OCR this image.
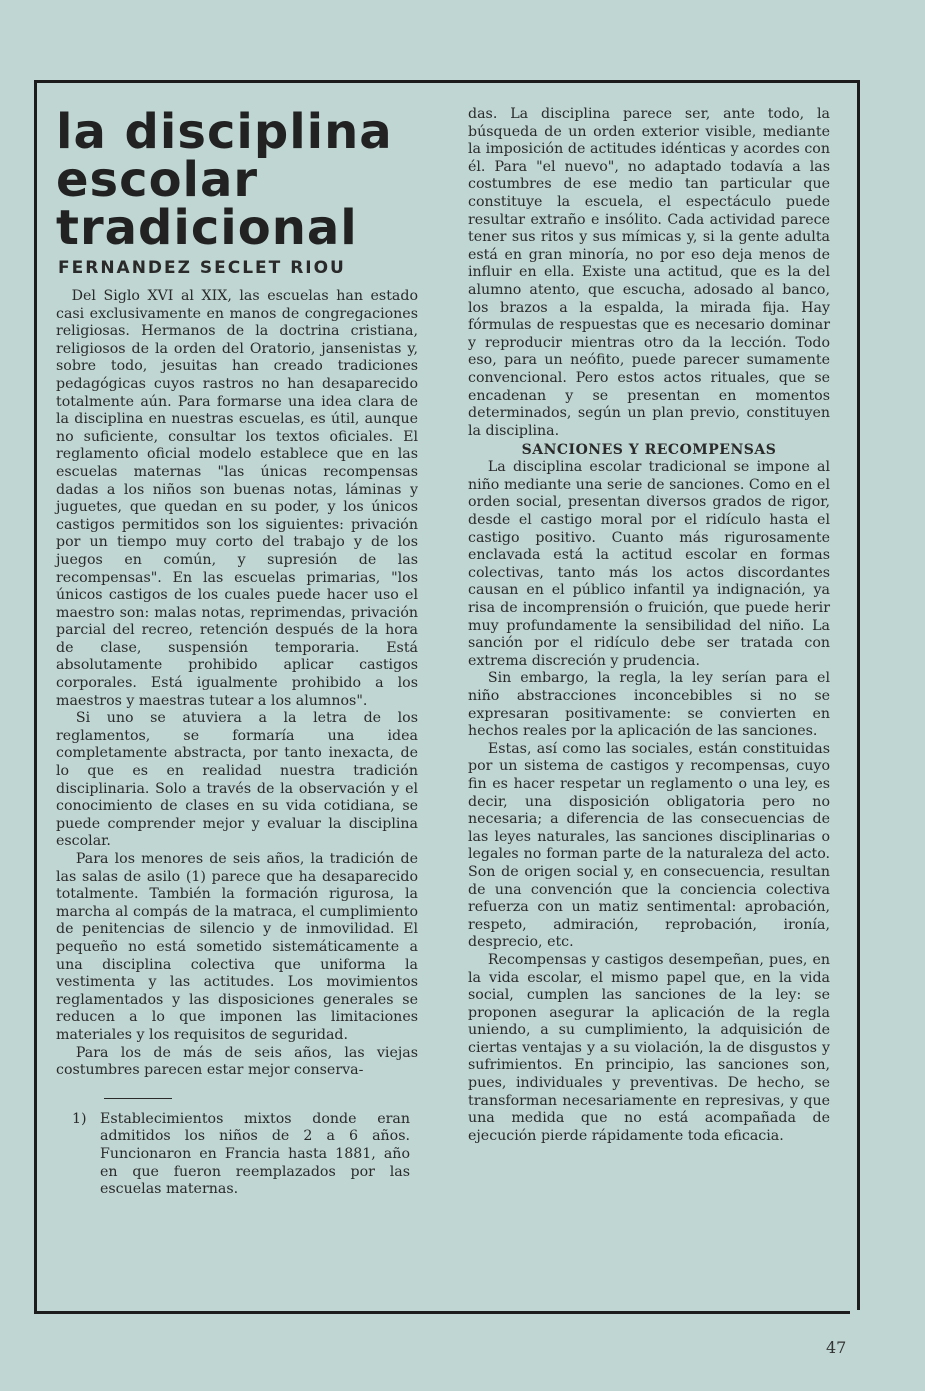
la disciplina
escolar
tradicional
FERNANDEZ SECLET RIOU

Del Siglo XVI al XIX, las escuelas han estado casi exclusivamente en manos de congregaciones religiosas. Hermanos de la doctrina cristiana, religiosos de la orden del Oratorio, jansenistas y, sobre todo, jesuitas han creado tradiciones pedagógicas cuyos rastros no han desaparecido totalmente aún. Para formarse una idea clara de la disciplina en nuestras escuelas, es útil, aunque no suficiente, consultar los textos oficiales. El reglamento oficial modelo establece que en las escuelas maternas "las únicas recompensas dadas a los niños son buenas notas, láminas y juguetes, que quedan en su poder, y los únicos castigos permitidos son los siguientes: privación por un tiempo muy corto del trabajo y de los juegos en común, y supresión de las recompensas". En las escuelas primarias, "los únicos castigos de los cuales puede hacer uso el maestro son: malas notas, reprimendas, privación parcial del recreo, retención después de la hora de clase, suspensión temporaria. Está absolutamente prohibido aplicar castigos corporales. Está igualmente prohibido a los maestros y maestras tutear a los alumnos".

Si uno se atuviera a la letra de los reglamentos, se formaría una idea completamente abstracta, por tanto inexacta, de lo que es en realidad nuestra tradición disciplinaria. Solo a través de la observación y el conocimiento de clases en su vida cotidiana, se puede comprender mejor y evaluar la disciplina escolar.

Para los menores de seis años, la tradición de las salas de asilo (1) parece que ha desaparecido totalmente. También la formación rigurosa, la marcha al compás de la matraca, el cumplimiento de penitencias de silencio y de inmovilidad. El pequeño no está sometido sistemáticamente a una disciplina colectiva que uniforma la vestimenta y las actitudes. Los movimientos reglamentados y las disposiciones generales se reducen a lo que imponen las limitaciones materiales y los requisitos de seguridad.

Para los de más de seis años, las viejas costumbres parecen estar mejor conserva-

1) Establecimientos mixtos donde eran admitidos los niños de 2 a 6 años. Funcionaron en Francia hasta 1881, año en que fueron reemplazados por las escuelas maternas.

das. La disciplina parece ser, ante todo, la búsqueda de un orden exterior visible, mediante la imposición de actitudes idénticas y acordes con él. Para "el nuevo", no adaptado todavía a las costumbres de ese medio tan particular que constituye la escuela, el espectáculo puede resultar extraño e insólito. Cada actividad parece tener sus ritos y sus mímicas y, si la gente adulta está en gran minoría, no por eso deja menos de influir en ella. Existe una actitud, que es la del alumno atento, que escucha, adosado al banco, los brazos a la espalda, la mirada fija. Hay fórmulas de respuestas que es necesario dominar y reproducir mientras otro da la lección. Todo eso, para un neófito, puede parecer sumamente convencional. Pero estos actos rituales, que se encadenan y se presentan en momentos determinados, según un plan previo, constituyen la disciplina.

SANCIONES Y RECOMPENSAS

La disciplina escolar tradicional se impone al niño mediante una serie de sanciones. Como en el orden social, presentan diversos grados de rigor, desde el castigo moral por el ridículo hasta el castigo positivo. Cuanto más rigurosamente enclavada está la actitud escolar en formas colectivas, tanto más los actos discordantes causan en el público infantil ya indignación, ya risa de incomprensión o fruición, que puede herir muy profundamente la sensibilidad del niño. La sanción por el ridículo debe ser tratada con extrema discreción y prudencia.

Sin embargo, la regla, la ley serían para el niño abstracciones inconcebibles si no se expresaran positivamente: se convierten en hechos reales por la aplicación de las sanciones.

Estas, así como las sociales, están constituidas por un sistema de castigos y recompensas, cuyo fin es hacer respetar un reglamento o una ley, es decir, una disposición obligatoria pero no necesaria; a diferencia de las consecuencias de las leyes naturales, las sanciones disciplinarias o legales no forman parte de la naturaleza del acto. Son de origen social y, en consecuencia, resultan de una convención que la conciencia colectiva refuerza con un matiz sentimental: aprobación, respeto, admiración, reprobación, ironía, desprecio, etc.

Recompensas y castigos desempeñan, pues, en la vida escolar, el mismo papel que, en la vida social, cumplen las sanciones de la ley: se proponen asegurar la aplicación de la regla uniendo, a su cumplimiento, la adquisición de ciertas ventajas y a su violación, la de disgustos y sufrimientos. En principio, las sanciones son, pues, individuales y preventivas. De hecho, se transforman necesariamente en represivas, y que una medida que no está acompañada de ejecución pierde rápidamente toda eficacia.

47
